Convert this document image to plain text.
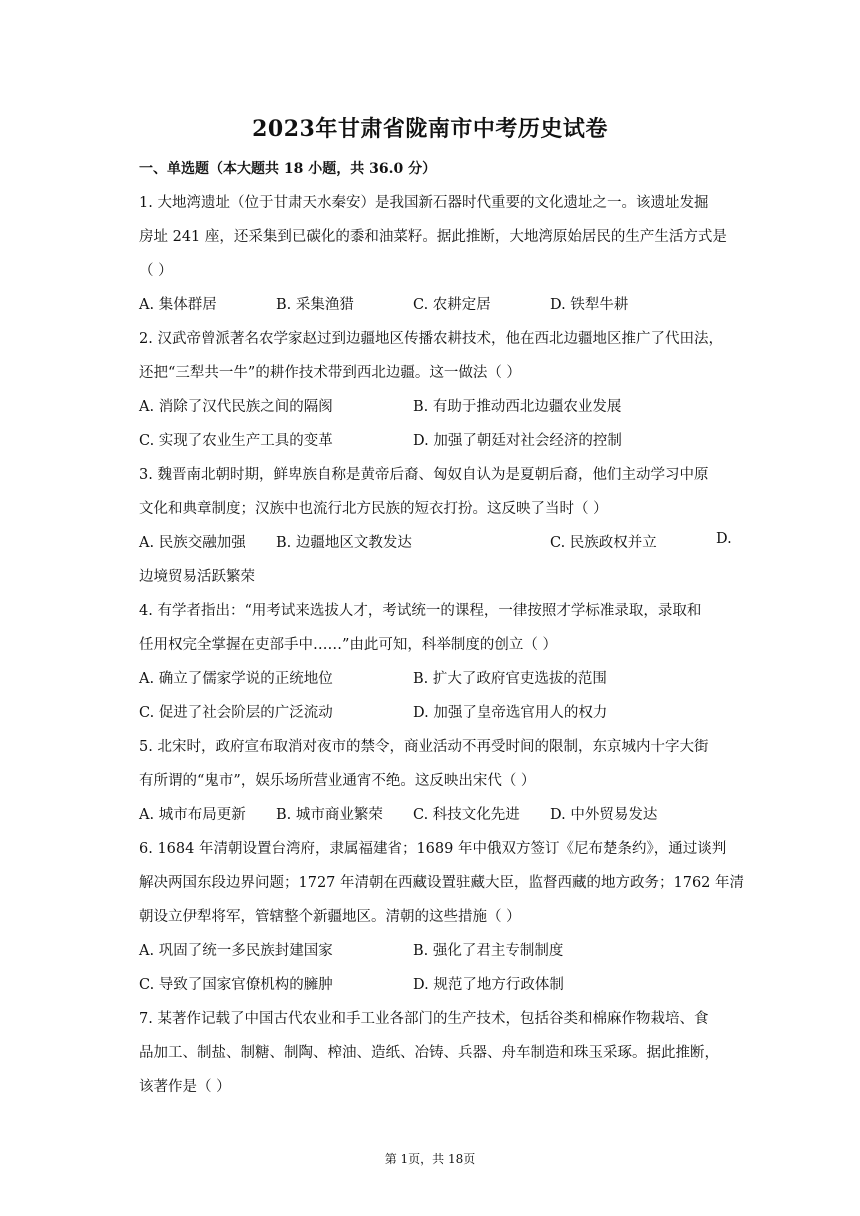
2023年甘肃省陇南市中考历史试卷
一、单选题（本大题共 18 小题，共 36.0 分）
1. 大地湾遗址（位于甘肃天水秦安）是我国新石器时代重要的文化遗址之一。该遗址发掘
房址 241 座，还采集到已碳化的黍和油菜籽。据此推断，大地湾原始居民的生产生活方式是
（ ）
A. 集体群居	B. 采集渔猎	C. 农耕定居	D. 铁犁牛耕
2. 汉武帝曾派著名农学家赵过到边疆地区传播农耕技术，他在西北边疆地区推广了代田法，
还把“三犁共一牛”的耕作技术带到西北边疆。这一做法（ ）
A. 消除了汉代民族之间的隔阂	B. 有助于推动西北边疆农业发展
C. 实现了农业生产工具的变革	D. 加强了朝廷对社会经济的控制
3. 魏晋南北朝时期，鲜卑族自称是黄帝后裔、匈奴自认为是夏朝后裔，他们主动学习中原
文化和典章制度；汉族中也流行北方民族的短衣打扮。这反映了当时（ ）
A. 民族交融加强 B. 边疆地区文教发达	C. 民族政权并立	D.
边境贸易活跃繁荣
4. 有学者指出：“用考试来选拔人才，考试统一的课程，一律按照才学标准录取，录取和
任用权完全掌握在吏部手中……”由此可知，科举制度的创立（ ）
A. 确立了儒家学说的正统地位	B. 扩大了政府官吏选拔的范围
C. 促进了社会阶层的广泛流动	D. 加强了皇帝选官用人的权力
5. 北宋时，政府宣布取消对夜市的禁令，商业活动不再受时间的限制，东京城内十字大街
有所谓的“鬼市”，娱乐场所营业通宵不绝。这反映出宋代（ ）
A. 城市布局更新 B. 城市商业繁荣 C. 科技文化先进 D. 中外贸易发达
6. 1684 年清朝设置台湾府，隶属福建省；1689 年中俄双方签订《尼布楚条约》，通过谈判
解决两国东段边界问题；1727 年清朝在西藏设置驻藏大臣，监督西藏的地方政务；1762 年清
朝设立伊犁将军，管辖整个新疆地区。清朝的这些措施（ ）
A. 巩固了统一多民族封建国家	B. 强化了君主专制制度
C. 导致了国家官僚机构的臃肿	D. 规范了地方行政体制
7. 某著作记载了中国古代农业和手工业各部门的生产技术，包括谷类和棉麻作物栽培、食
品加工、制盐、制糖、制陶、榨油、造纸、冶铸、兵器、舟车制造和珠玉采琢。据此推断，
该著作是（ ）
第 1页，共 18页
